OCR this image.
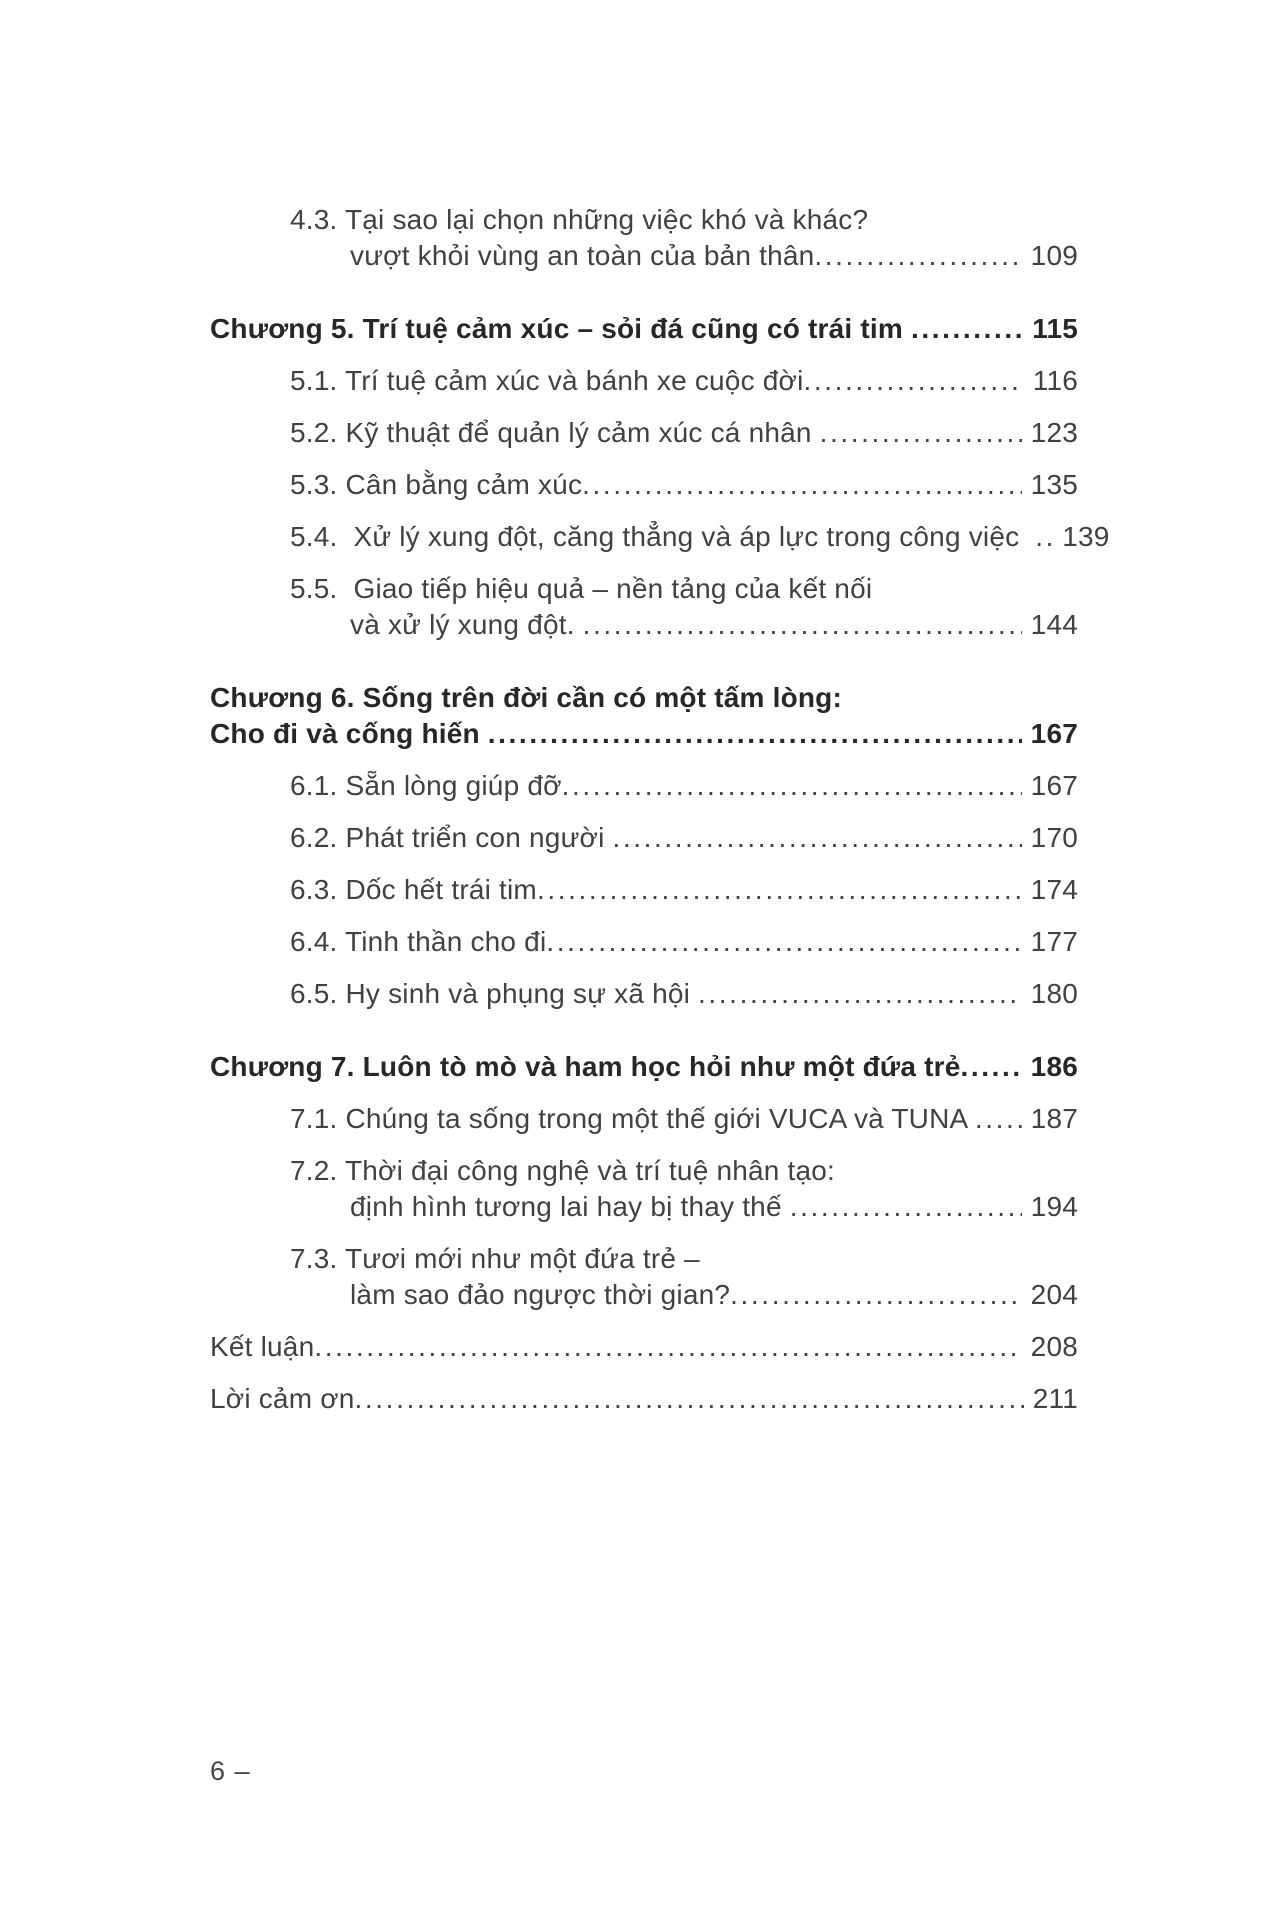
4.3. Tại sao lại chọn những việc khó và khác?
vượt khỏi vùng an toàn của bản thân .....	109
Chương 5. Trí tuệ cảm xúc – sỏi đá cũng có trái tim .....	115
5.1. Trí tuệ cảm xúc và bánh xe cuộc đời .....	116
5.2. Kỹ thuật để quản lý cảm xúc cá nhân .....	123
5.3. Cân bằng cảm xúc .....	135
5.4.  Xử lý xung đột, căng thẳng và áp lực trong công việc ..... 139
5.5.  Giao tiếp hiệu quả – nền tảng của kết nối
và xử lý xung đột. .....	144
Chương 6. Sống trên đời cần có một tấm lòng:
Cho đi và cống hiến .....	167
6.1. Sẵn lòng giúp đỡ .....	167
6.2. Phát triển con người .....	170
6.3. Dốc hết trái tim .....	174
6.4. Tinh thần cho đi .....	177
6.5. Hy sinh và phụng sự xã hội .....	180
Chương 7. Luôn tò mò và ham học hỏi như một đứa trẻ .....	186
7.1. Chúng ta sống trong một thế giới VUCA và TUNA .....	187
7.2. Thời đại công nghệ và trí tuệ nhân tạo:
định hình tương lai hay bị thay thế .....	194
7.3. Tươi mới như một đứa trẻ –
làm sao đảo ngược thời gian? .....	204
Kết luận .....	208
Lời cảm ơn .....	211
6 –
